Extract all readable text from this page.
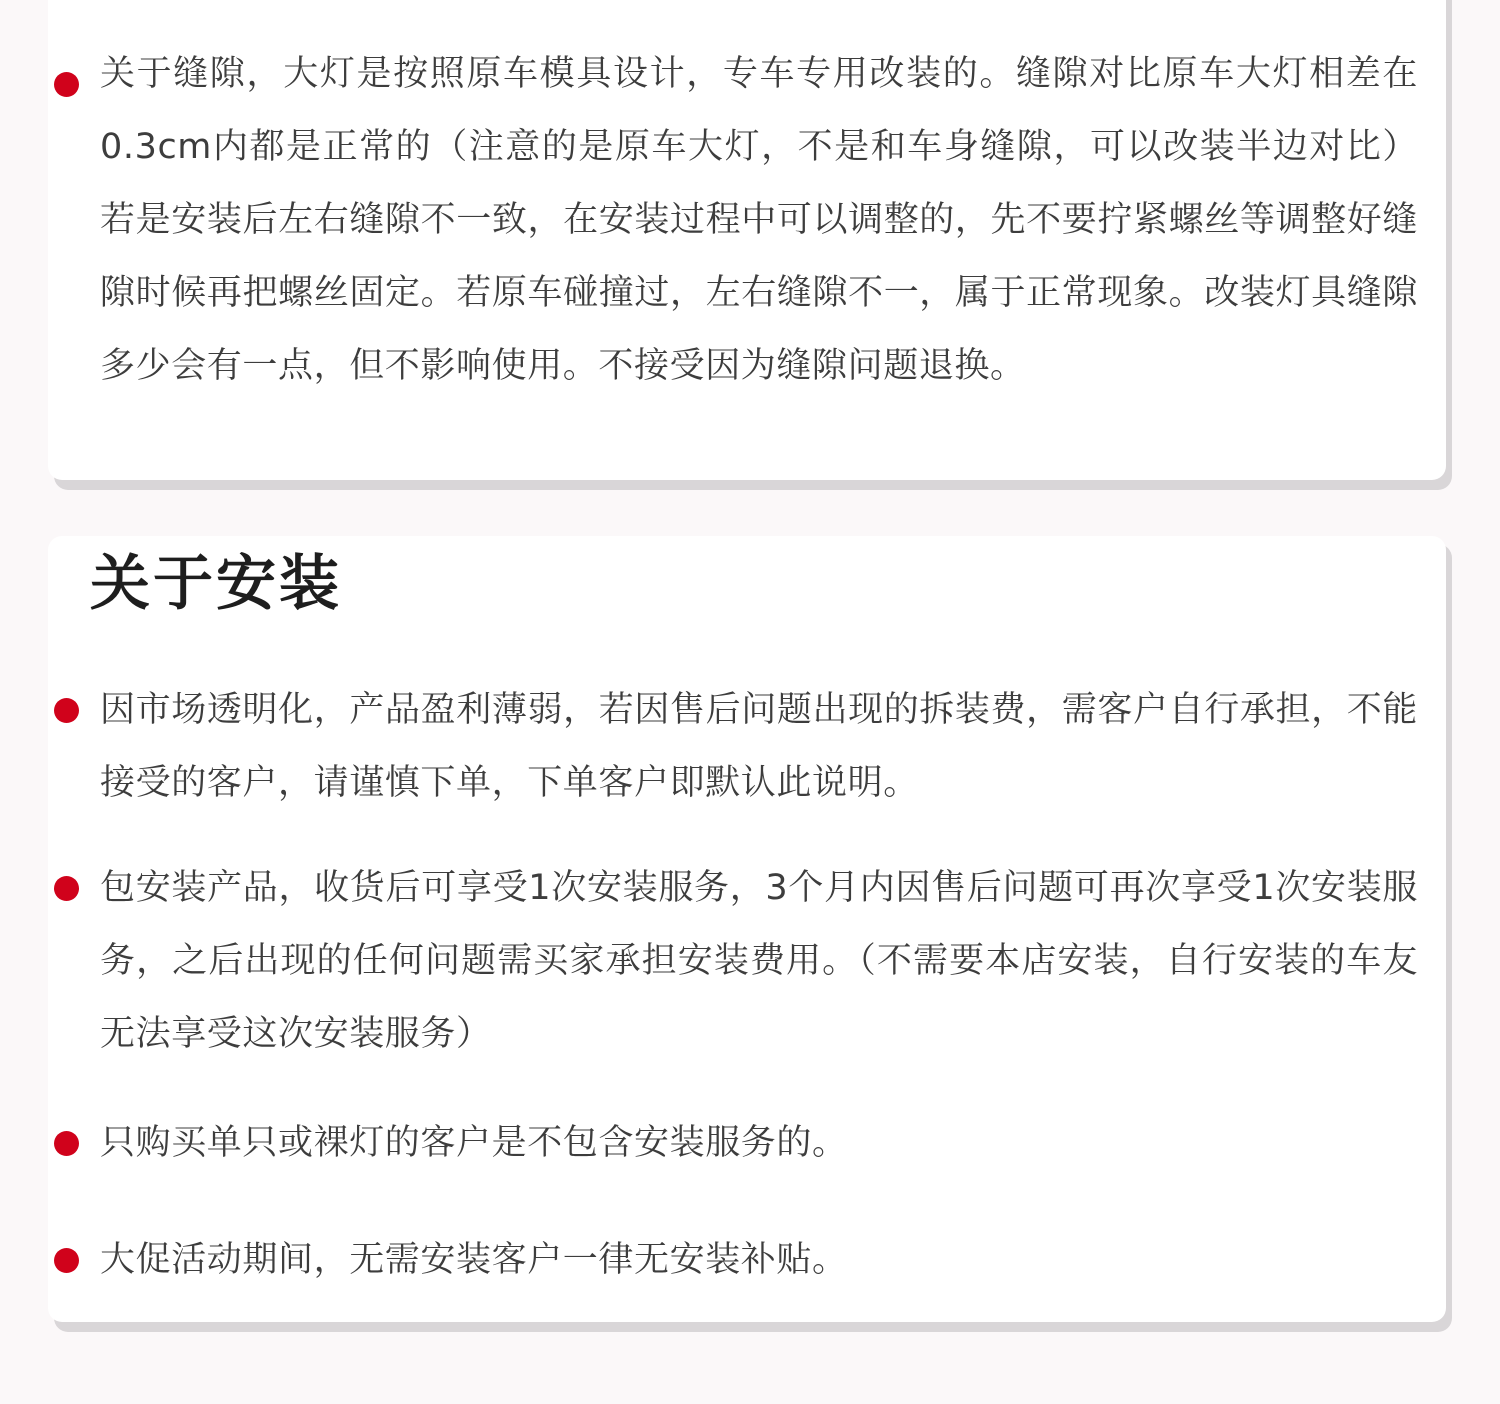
关于缝隙，大灯是按照原车模具设计，专车专用改装的。缝隙对比原车大灯相差在0.3cm内都是正常的（注意的是原车大灯，不是和车身缝隙，可以改装半边对比）若是安装后左右缝隙不一致，在安装过程中可以调整的，先不要拧紧螺丝等调整好缝隙时候再把螺丝固定。若原车碰撞过，左右缝隙不一，属于正常现象。改装灯具缝隙多少会有一点，但不影响使用。不接受因为缝隙问题退换。
关于安装
因市场透明化，产品盈利薄弱，若因售后问题出现的拆装费，需客户自行承担，不能接受的客户，请谨慎下单，下单客户即默认此说明。
包安装产品，收货后可享受1次安装服务，3个月内因售后问题可再次享受1次安装服务，之后出现的任何问题需买家承担安装费用。（不需要本店安装，自行安装的车友无法享受这次安装服务）
只购买单只或裸灯的客户是不包含安装服务的。
大促活动期间，无需安装客户一律无安装补贴。
